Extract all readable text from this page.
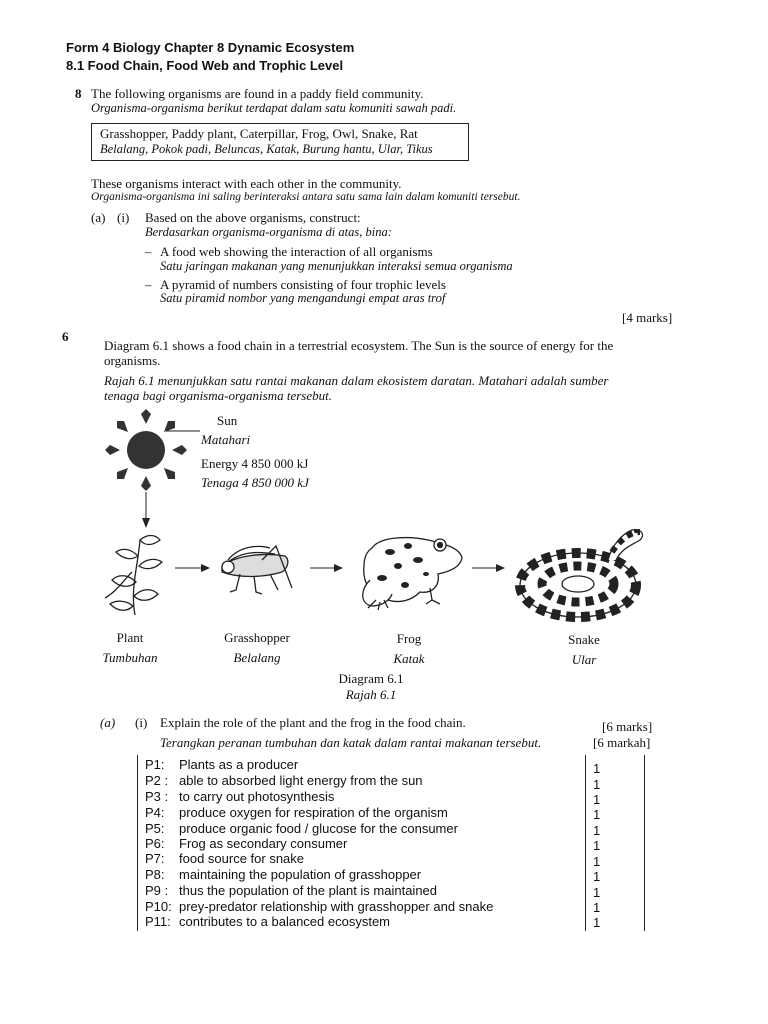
Form 4 Biology Chapter 8 Dynamic Ecosystem
8.1 Food Chain, Food Web and Trophic Level
8 The following organisms are found in a paddy field community.
Organisma-organisma berikut terdapat dalam satu komuniti sawah padi.
Grasshopper, Paddy plant, Caterpillar, Frog, Owl, Snake, Rat
Belalang, Pokok padi, Beluncas, Katak, Burung hantu, Ular, Tikus
These organisms interact with each other in the community.
Organisma-organisma ini saling berinteraksi antara satu sama lain dalam komuniti tersebut.
(a) (i) Based on the above organisms, construct:
Berdasarkan organisma-organisma di atas, bina:
– A food web showing the interaction of all organisms
Satu jaringan makanan yang menunjukkan interaksi semua organisma
– A pyramid of numbers consisting of four trophic levels
Satu piramid nombor yang mengandungi empat aras trof
[4 marks]
6
Diagram 6.1 shows a food chain in a terrestrial ecosystem. The Sun is the source of energy for the
organisms.
Rajah 6.1 menunjukkan satu rantai makanan dalam ekosistem daratan. Matahari adalah sumber
tenaga bagi organisma-organisma tersebut.
Sun
Matahari
Energy 4 850 000 kJ
Tenaga 4 850 000 kJ
Plant
Tumbuhan
Grasshopper
Belalang
Frog
Katak
Snake
Ular
Diagram 6.1
Rajah 6.1
(a) (i) Explain the role of the plant and the frog in the food chain.
Terangkan peranan tumbuhan dan katak dalam rantai makanan tersebut.
[6 marks]
[6 markah]
P1: Plants as a producer
P2 : able to absorbed light energy from the sun
P3 : to carry out photosynthesis
P4: produce oxygen for respiration of the organism
P5: produce organic food / glucose for the consumer
P6: Frog as secondary consumer
P7: food source for snake
P8: maintaining the population of grasshopper
P9 : thus the population of the plant is maintained
P10: prey-predator relationship with grasshopper and snake
P11: contributes to a balanced ecosystem
1
1
1
1
1
1
1
1
1
1
1
